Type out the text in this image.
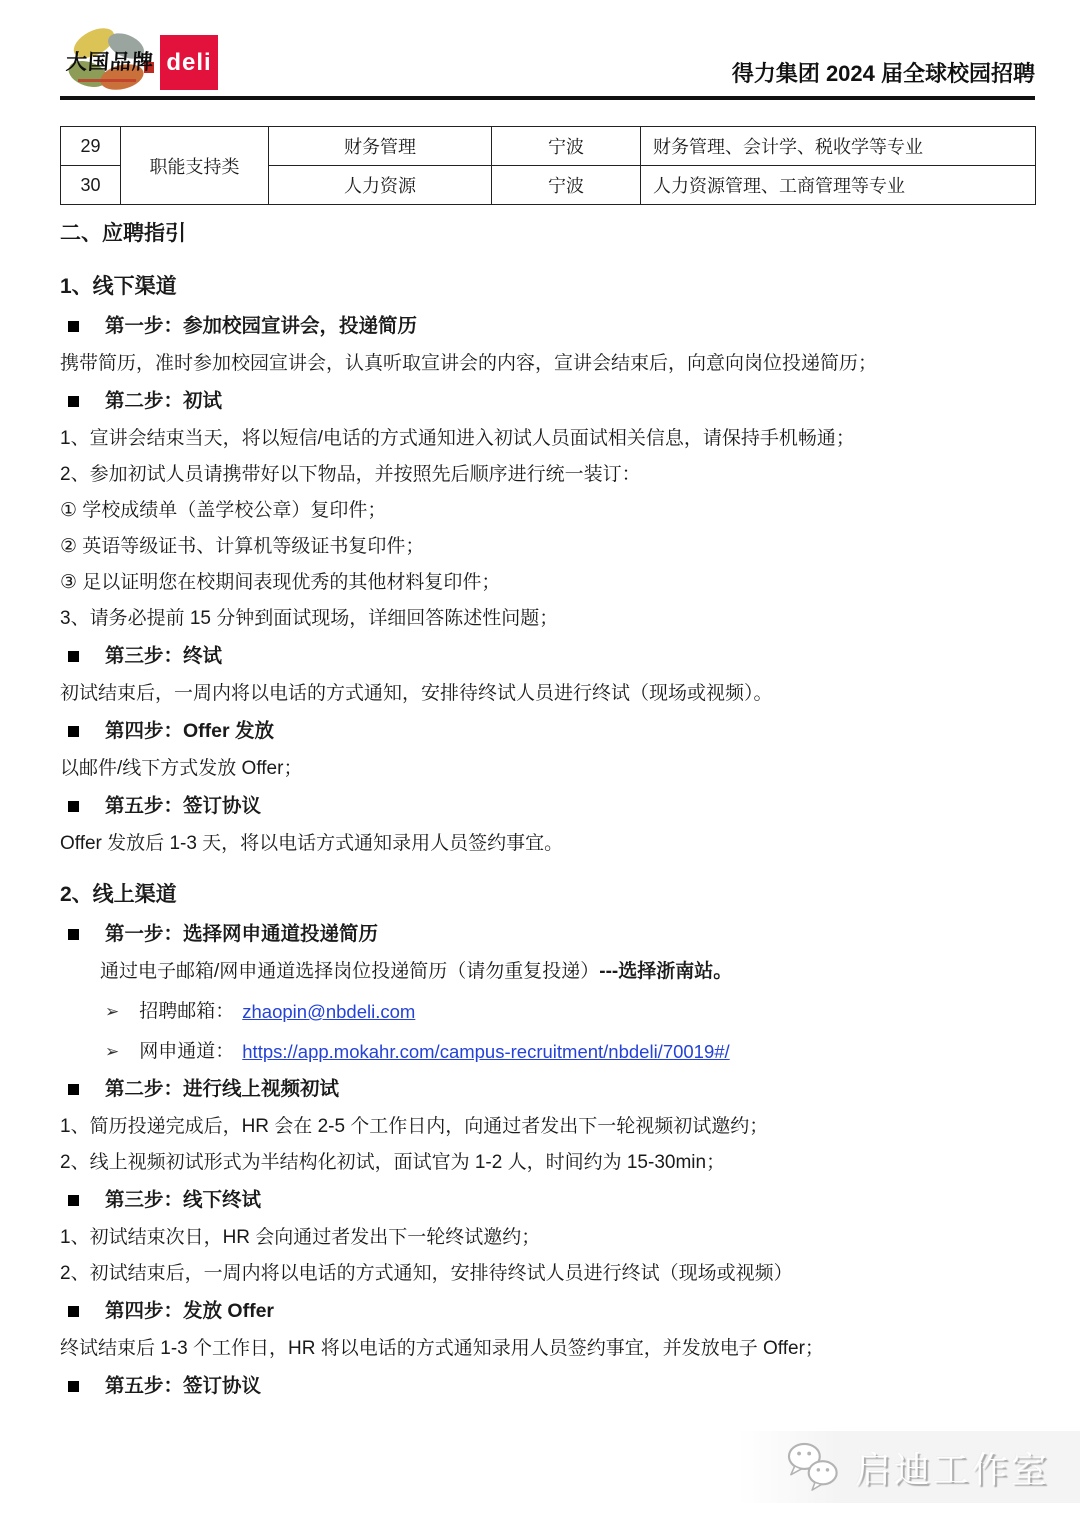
大国品牌 deli	得力集团 2024 届全球校园招聘
29	职能支持类	财务管理	宁波	财务管理、会计学、税收学等专业
30		人力资源	宁波	人力资源管理、工商管理等专业
二、应聘指引
1、线下渠道
第一步：参加校园宣讲会，投递简历

携带简历，准时参加校园宣讲会，认真听取宣讲会的内容，宣讲会结束后，向意向岗位投递简历；

第二步：初试

1、宣讲会结束当天，将以短信/电话的方式通知进入初试人员面试相关信息，请保持手机畅通；

2、参加初试人员请携带好以下物品，并按照先后顺序进行统一装订：

① 学校成绩单（盖学校公章）复印件；

② 英语等级证书、计算机等级证书复印件；

③ 足以证明您在校期间表现优秀的其他材料复印件；

3、请务必提前 15 分钟到面试现场，详细回答陈述性问题；

第三步：终试

初试结束后，一周内将以电话的方式通知，安排待终试人员进行终试（现场或视频）。

第四步：Offer 发放

以邮件/线下方式发放 Offer；

第五步：签订协议

Offer 发放后 1-3 天，将以电话方式通知录用人员签约事宜。

2、线上渠道
第一步：选择网申通道投递简历

通过电子邮箱/网申通道选择岗位投递简历（请勿重复投递）---选择浙南站。

➢ 招聘邮箱： zhaopin@nbdeli.com
➢ 网申通道： https://app.mokahr.com/campus-recruitment/nbdeli/70019#/
第二步：进行线上视频初试

1、简历投递完成后，HR 会在 2-5 个工作日内，向通过者发出下一轮视频初试邀约；

2、线上视频初试形式为半结构化初试，面试官为 1-2 人，时间约为 15-30min；

第三步：线下终试

1、初试结束次日，HR 会向通过者发出下一轮终试邀约；

2、初试结束后，一周内将以电话的方式通知，安排待终试人员进行终试（现场或视频）

第四步：发放 Offer

终试结束后 1-3 个工作日，HR 将以电话的方式通知录用人员签约事宜，并发放电子 Offer；

第五步：签订协议
启迪工作室
